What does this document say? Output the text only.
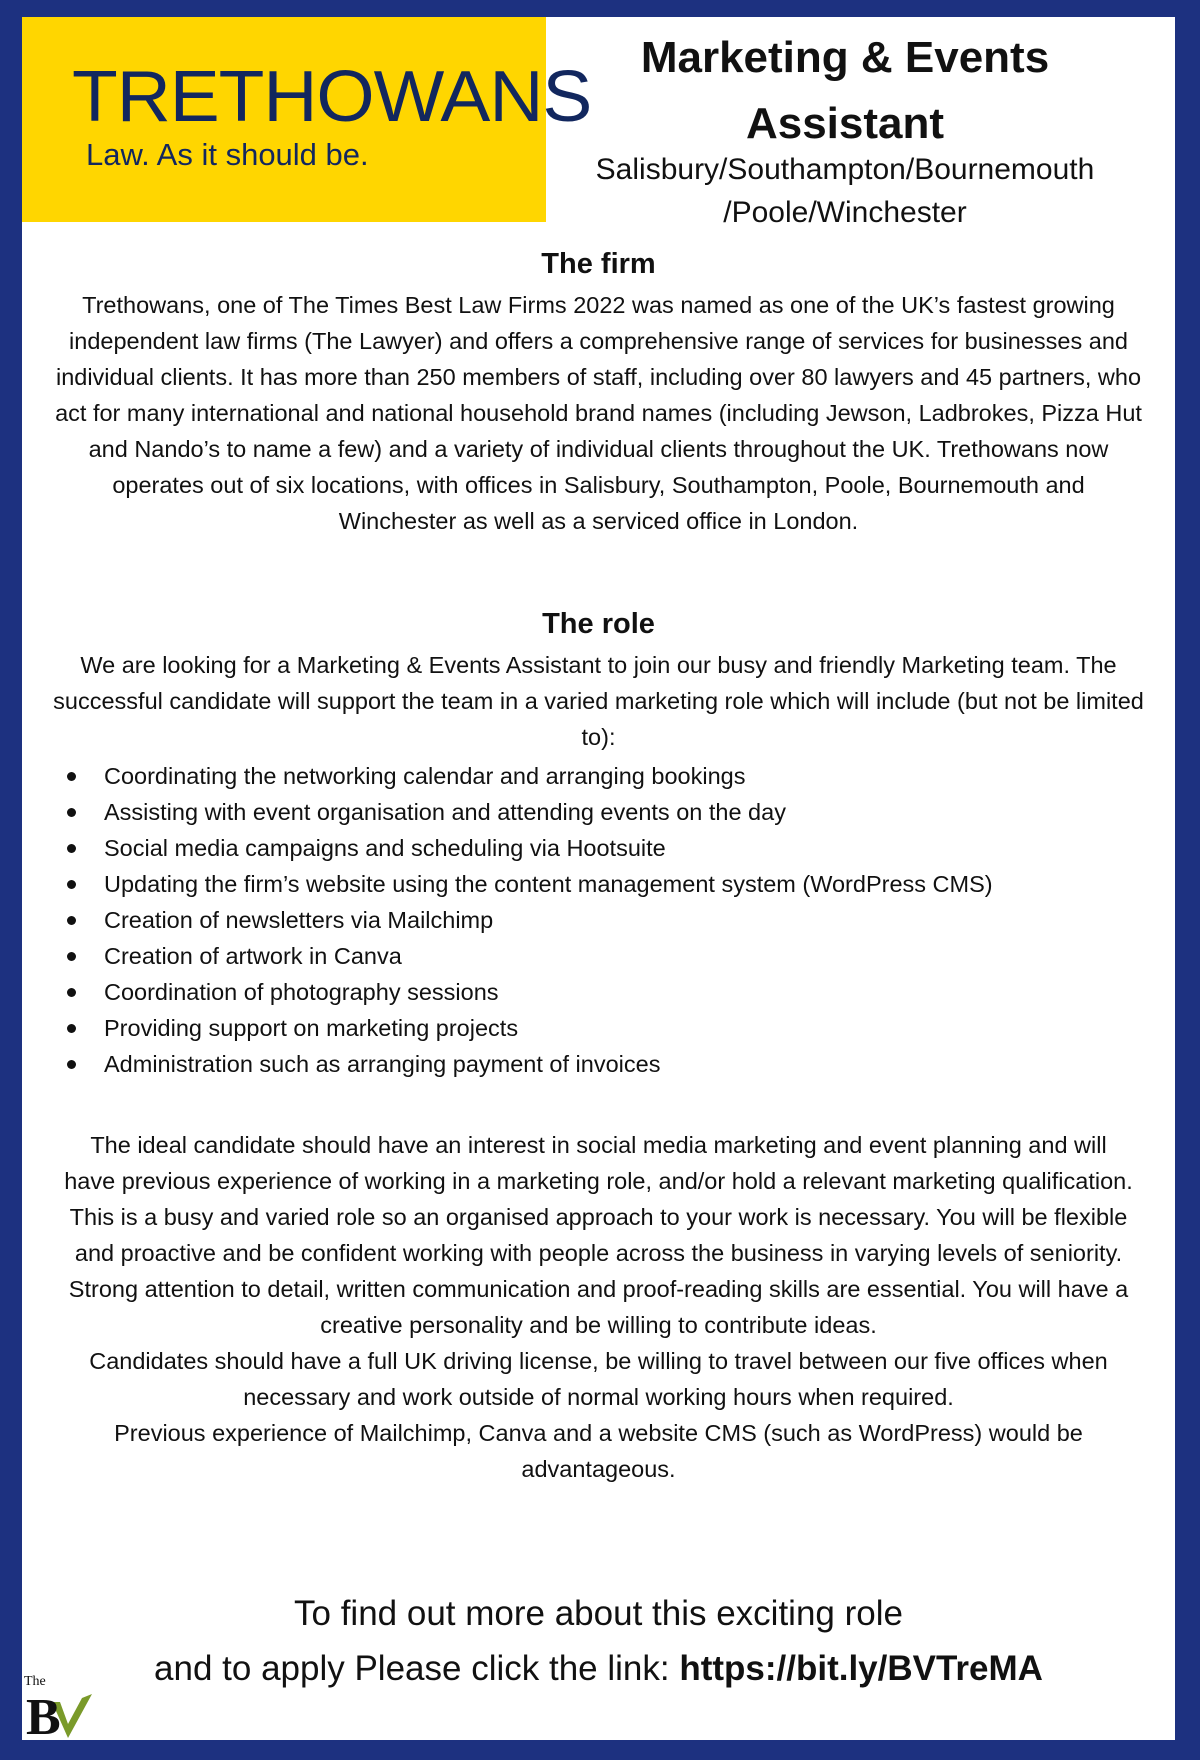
TRETHOWANS
Law. As it should be.
Marketing & Events
Assistant
Salisbury/Southampton/Bournemouth
/Poole/Winchester
The firm

Trethowans, one of The Times Best Law Firms 2022 was named as one of the UK’s fastest growing independent law firms (The Lawyer) and offers a comprehensive range of services for businesses and individual clients. It has more than 250 members of staff, including over 80 lawyers and 45 partners, who act for many international and national household brand names (including Jewson, Ladbrokes, Pizza Hut and Nando’s to name a few) and a variety of individual clients throughout the UK. Trethowans now operates out of six locations, with offices in Salisbury, Southampton, Poole, Bournemouth and Winchester as well as a serviced office in London.

The role

We are looking for a Marketing & Events Assistant to join our busy and friendly Marketing team. The successful candidate will support the team in a varied marketing role which will include (but not be limited to):

Coordinating the networking calendar and arranging bookings
Assisting with event organisation and attending events on the day
Social media campaigns and scheduling via Hootsuite
Updating the firm’s website using the content management system (WordPress CMS)
Creation of newsletters via Mailchimp
Creation of artwork in Canva
Coordination of photography sessions
Providing support on marketing projects
Administration such as arranging payment of invoices
The ideal candidate should have an interest in social media marketing and event planning and will have previous experience of working in a marketing role, and/or hold a relevant marketing qualification.
This is a busy and varied role so an organised approach to your work is necessary. You will be flexible and proactive and be confident working with people across the business in varying levels of seniority.
Strong attention to detail, written communication and proof-reading skills are essential. You will have a creative personality and be willing to contribute ideas.
Candidates should have a full UK driving license, be willing to travel between our five offices when necessary and work outside of normal working hours when required.
Previous experience of Mailchimp, Canva and a website CMS (such as WordPress) would be advantageous.
To find out more about this exciting role
and to apply Please click the link: https://bit.ly/BVTreMA
The
B
